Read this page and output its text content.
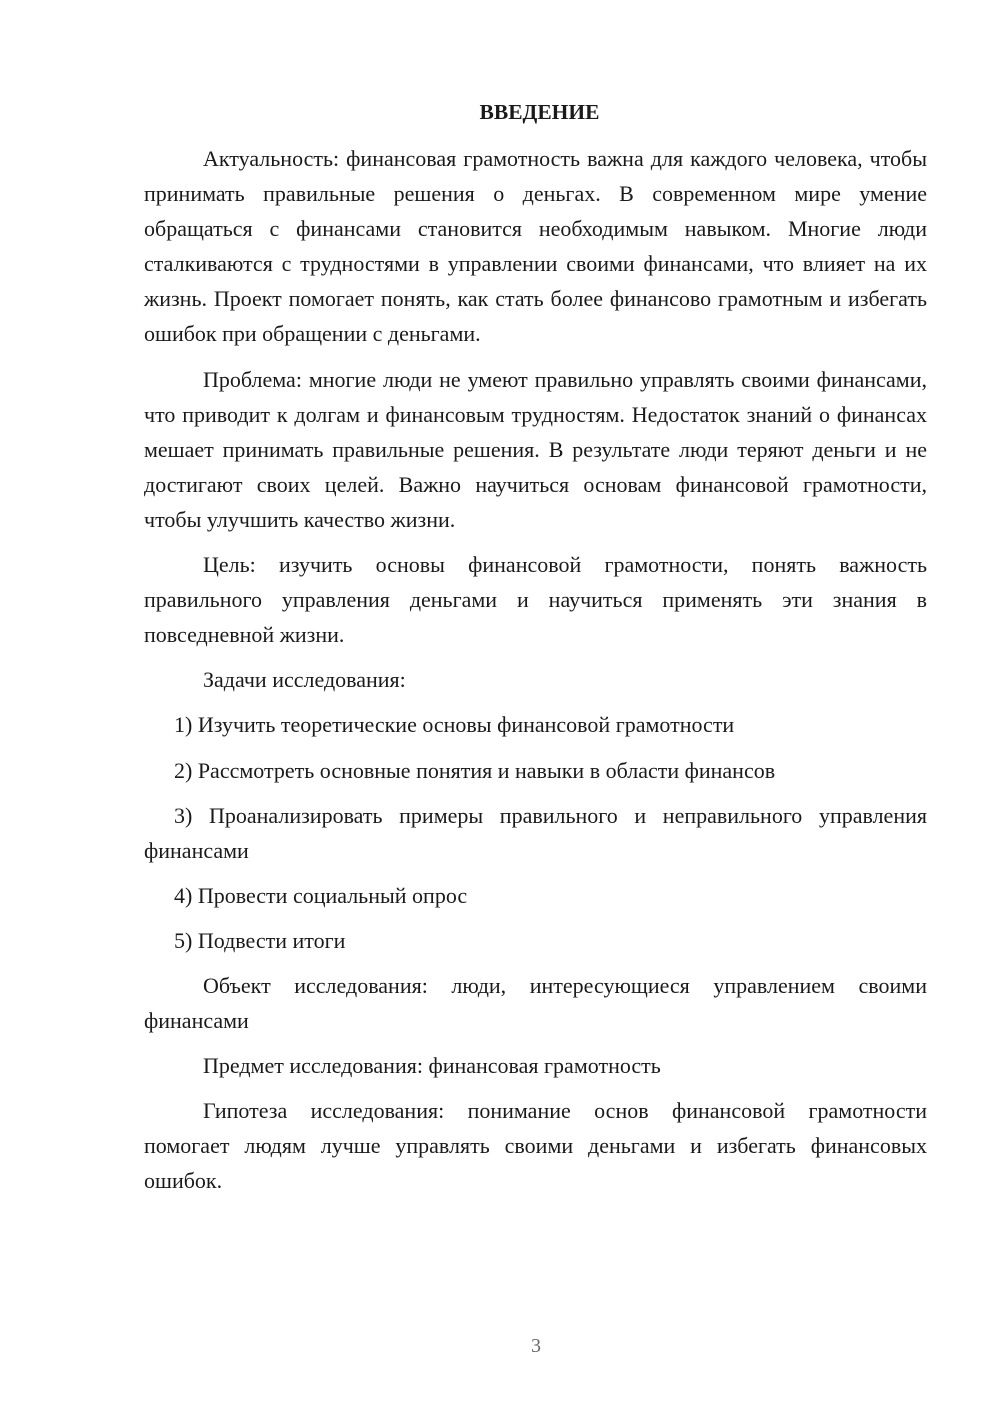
ВВЕДЕНИЕ

Актуальность: финансовая грамотность важна для каждого человека, чтобы принимать правильные решения о деньгах. В современном мире умение обращаться с финансами становится необходимым навыком. Многие люди сталкиваются с трудностями в управлении своими финансами, что влияет на их жизнь. Проект помогает понять, как стать более финансово грамотным и избегать ошибок при обращении с деньгами.

Проблема: многие люди не умеют правильно управлять своими финансами, что приводит к долгам и финансовым трудностям. Недостаток знаний о финансах мешает принимать правильные решения. В результате люди теряют деньги и не достигают своих целей. Важно научиться основам финансовой грамотности, чтобы улучшить качество жизни.

Цель: изучить основы финансовой грамотности, понять важность правильного управления деньгами и научиться применять эти знания в повседневной жизни.

Задачи исследования:

1) Изучить теоретические основы финансовой грамотности

2) Рассмотреть основные понятия и навыки в области финансов

3) Проанализировать примеры правильного и неправильного управления финансами

4) Провести социальный опрос

5) Подвести итоги

Объект исследования: люди, интересующиеся управлением своими финансами

Предмет исследования: финансовая грамотность

Гипотеза исследования: понимание основ финансовой грамотности помогает людям лучше управлять своими деньгами и избегать финансовых ошибок.

3
